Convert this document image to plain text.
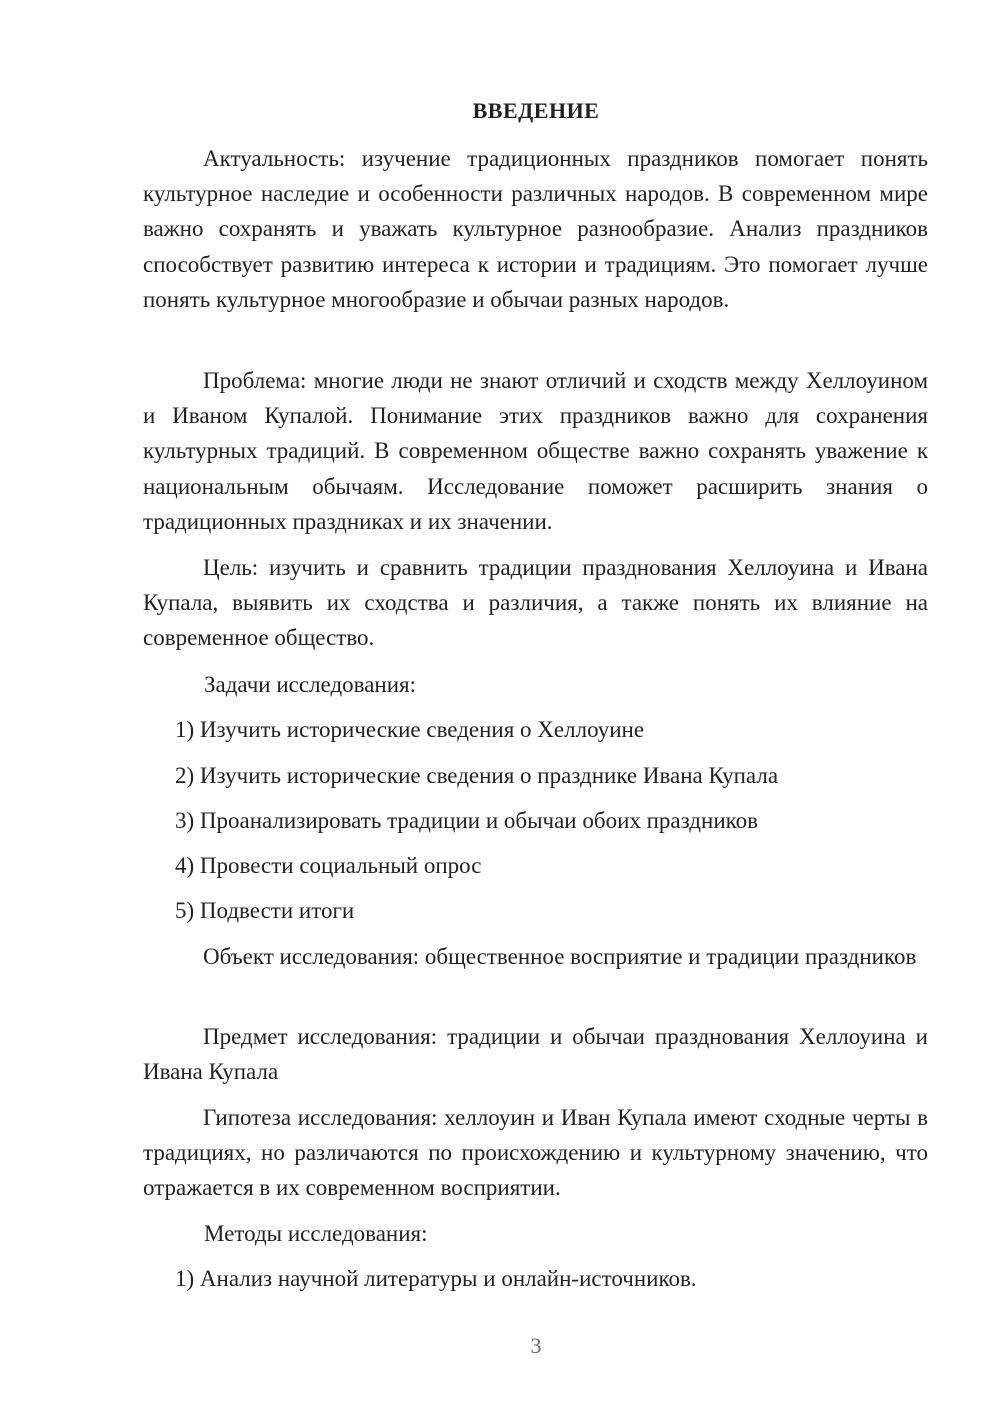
ВВЕДЕНИЕ

Актуальность: изучение традиционных праздников помогает понять культурное наследие и особенности различных народов. В современном мире важно сохранять и уважать культурное разнообразие. Анализ праздников способствует развитию интереса к истории и традициям. Это помогает лучше понять культурное многообразие и обычаи разных народов.

Проблема: многие люди не знают отличий и сходств между Хеллоуином и Иваном Купалой. Понимание этих праздников важно для сохранения культурных традиций. В современном обществе важно сохранять уважение к национальным обычаям. Исследование поможет расширить знания о традиционных праздниках и их значении.

Цель: изучить и сравнить традиции празднования Хеллоуина и Ивана Купала, выявить их сходства и различия, а также понять их влияние на современное общество.

Задачи исследования:

1) Изучить исторические сведения о Хеллоуине

2) Изучить исторические сведения о празднике Ивана Купала

3) Проанализировать традиции и обычаи обоих праздников

4) Провести социальный опрос

5) Подвести итоги

Объект исследования: общественное восприятие и традиции праздников

Предмет исследования: традиции и обычаи празднования Хеллоуина и Ивана Купала

Гипотеза исследования: хеллоуин и Иван Купала имеют сходные черты в традициях, но различаются по происхождению и культурному значению, что отражается в их современном восприятии.

Методы исследования:

1) Анализ научной литературы и онлайн-источников.

3
